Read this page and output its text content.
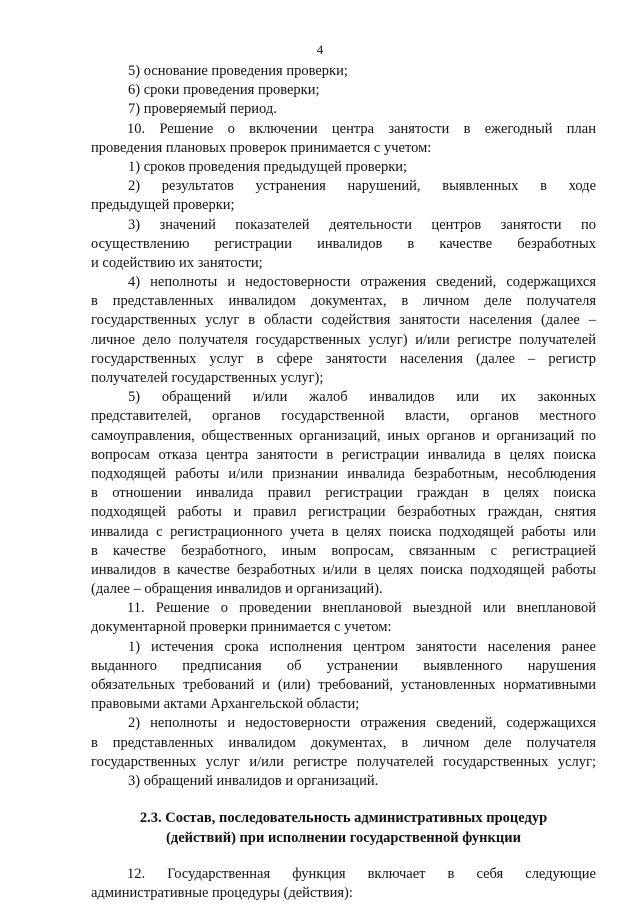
4
5) основание проведения проверки;
6) сроки проведения проверки;
7) проверяемый период.
10. Решение о включении центра занятости в ежегодный план
проведения плановых проверок принимается с учетом:
1) сроков проведения предыдущей проверки;
2) результатов устранения нарушений, выявленных в ходе
предыдущей проверки;
3) значений показателей деятельности центров занятости по
осуществлению регистрации инвалидов в качестве безработных
и содействию их занятости;
4) неполноты и недостоверности отражения сведений, содержащихся
в представленных инвалидом документах, в личном деле получателя
государственных услуг в области содействия занятости населения (далее –
личное дело получателя государственных услуг) и/или регистре получателей
государственных услуг в сфере занятости населения (далее – регистр
получателей государственных услуг);
5) обращений и/или жалоб инвалидов или их законных
представителей, органов государственной власти, органов местного
самоуправления, общественных организаций, иных органов и организаций по
вопросам отказа центра занятости в регистрации инвалида в целях поиска
подходящей работы и/или признании инвалида безработным, несоблюдения
в отношении инвалида правил регистрации граждан в целях поиска
подходящей работы и правил регистрации безработных граждан, снятия
инвалида с регистрационного учета в целях поиска подходящей работы или
в качестве безработного, иным вопросам, связанным с регистрацией
инвалидов в качестве безработных и/или в целях поиска подходящей работы
(далее – обращения инвалидов и организаций).
11. Решение о проведении внеплановой выездной или внеплановой
документарной проверки принимается с учетом:
1) истечения срока исполнения центром занятости населения ранее
выданного предписания об устранении выявленного нарушения
обязательных требований и (или) требований, установленных нормативными
правовыми актами Архангельской области;
2) неполноты и недостоверности отражения сведений, содержащихся
в представленных инвалидом документах, в личном деле получателя
государственных услуг и/или регистре получателей государственных услуг;
3) обращений инвалидов и организаций.
2.3. Состав, последовательность административных процедур
(действий) при исполнении государственной функции
12. Государственная функция включает в себя следующие
административные процедуры (действия):
